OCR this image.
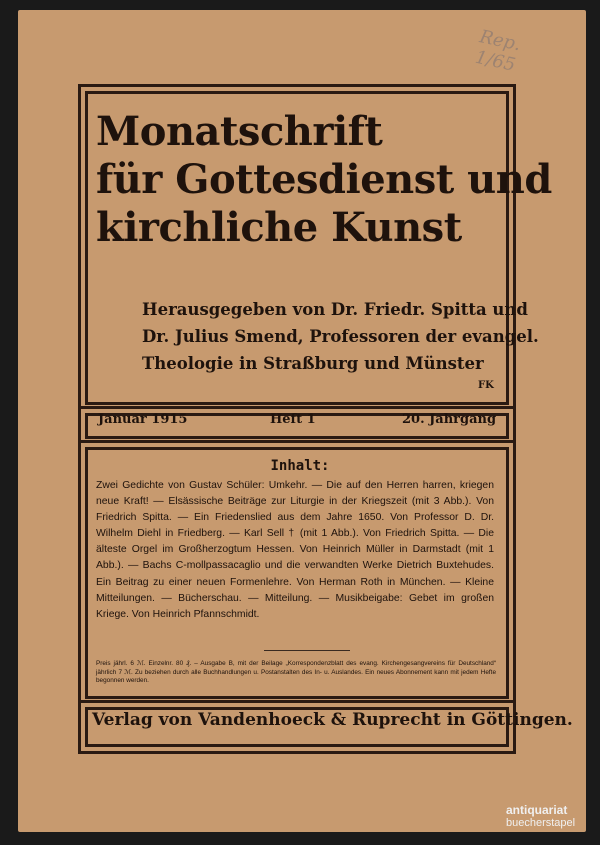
Rep. 1/65
Monatschrift
für Gottesdienst und
kirchliche Kunst
Herausgegeben von Dr. Friedr. Spitta und
Dr. Julius Smend, Professoren der evangel.
Theologie in Straßburg und Münster
FK
Januar 1915	Heft 1	20. Jahrgang
Inhalt:

Zwei Gedichte von Gustav Schüler: Umkehr. — Die auf den Herren harren, kriegen neue Kraft! — Elsässische Beiträge zur Liturgie in der Kriegszeit (mit 3 Abb.). Von Friedrich Spitta. — Ein Friedenslied aus dem Jahre 1650. Von Professor D. Dr. Wilhelm Diehl in Friedberg. — Karl Sell † (mit 1 Abb.). Von Friedrich Spitta. — Die älteste Orgel im Großherzogtum Hessen. Von Heinrich Müller in Darmstadt (mit 1 Abb.). — Bachs C-mollpassacaglio und die verwandten Werke Dietrich Buxtehudes. Ein Beitrag zu einer neuen Formenlehre. Von Herman Roth in München. — Kleine Mitteilungen. — Bücherschau. — Mitteilung. — Musikbeigabe: Gebet im großen Kriege. Von Heinrich Pfannschmidt.

Preis jährl. 6 ℳ. Einzelnr. 80 ₰. – Ausgabe B, mit der Beilage „Korrespondenzblatt des evang. Kirchengesangvereins für Deutschland“ jährlich 7 ℳ. Zu beziehen durch alle Buchhandlungen u. Postanstalten des In- u. Auslandes. Ein neues Abonnement kann mit jedem Hefte begonnen werden.

Verlag von Vandenhoeck & Ruprecht in Göttingen.
antiquariat
buecherstapel
